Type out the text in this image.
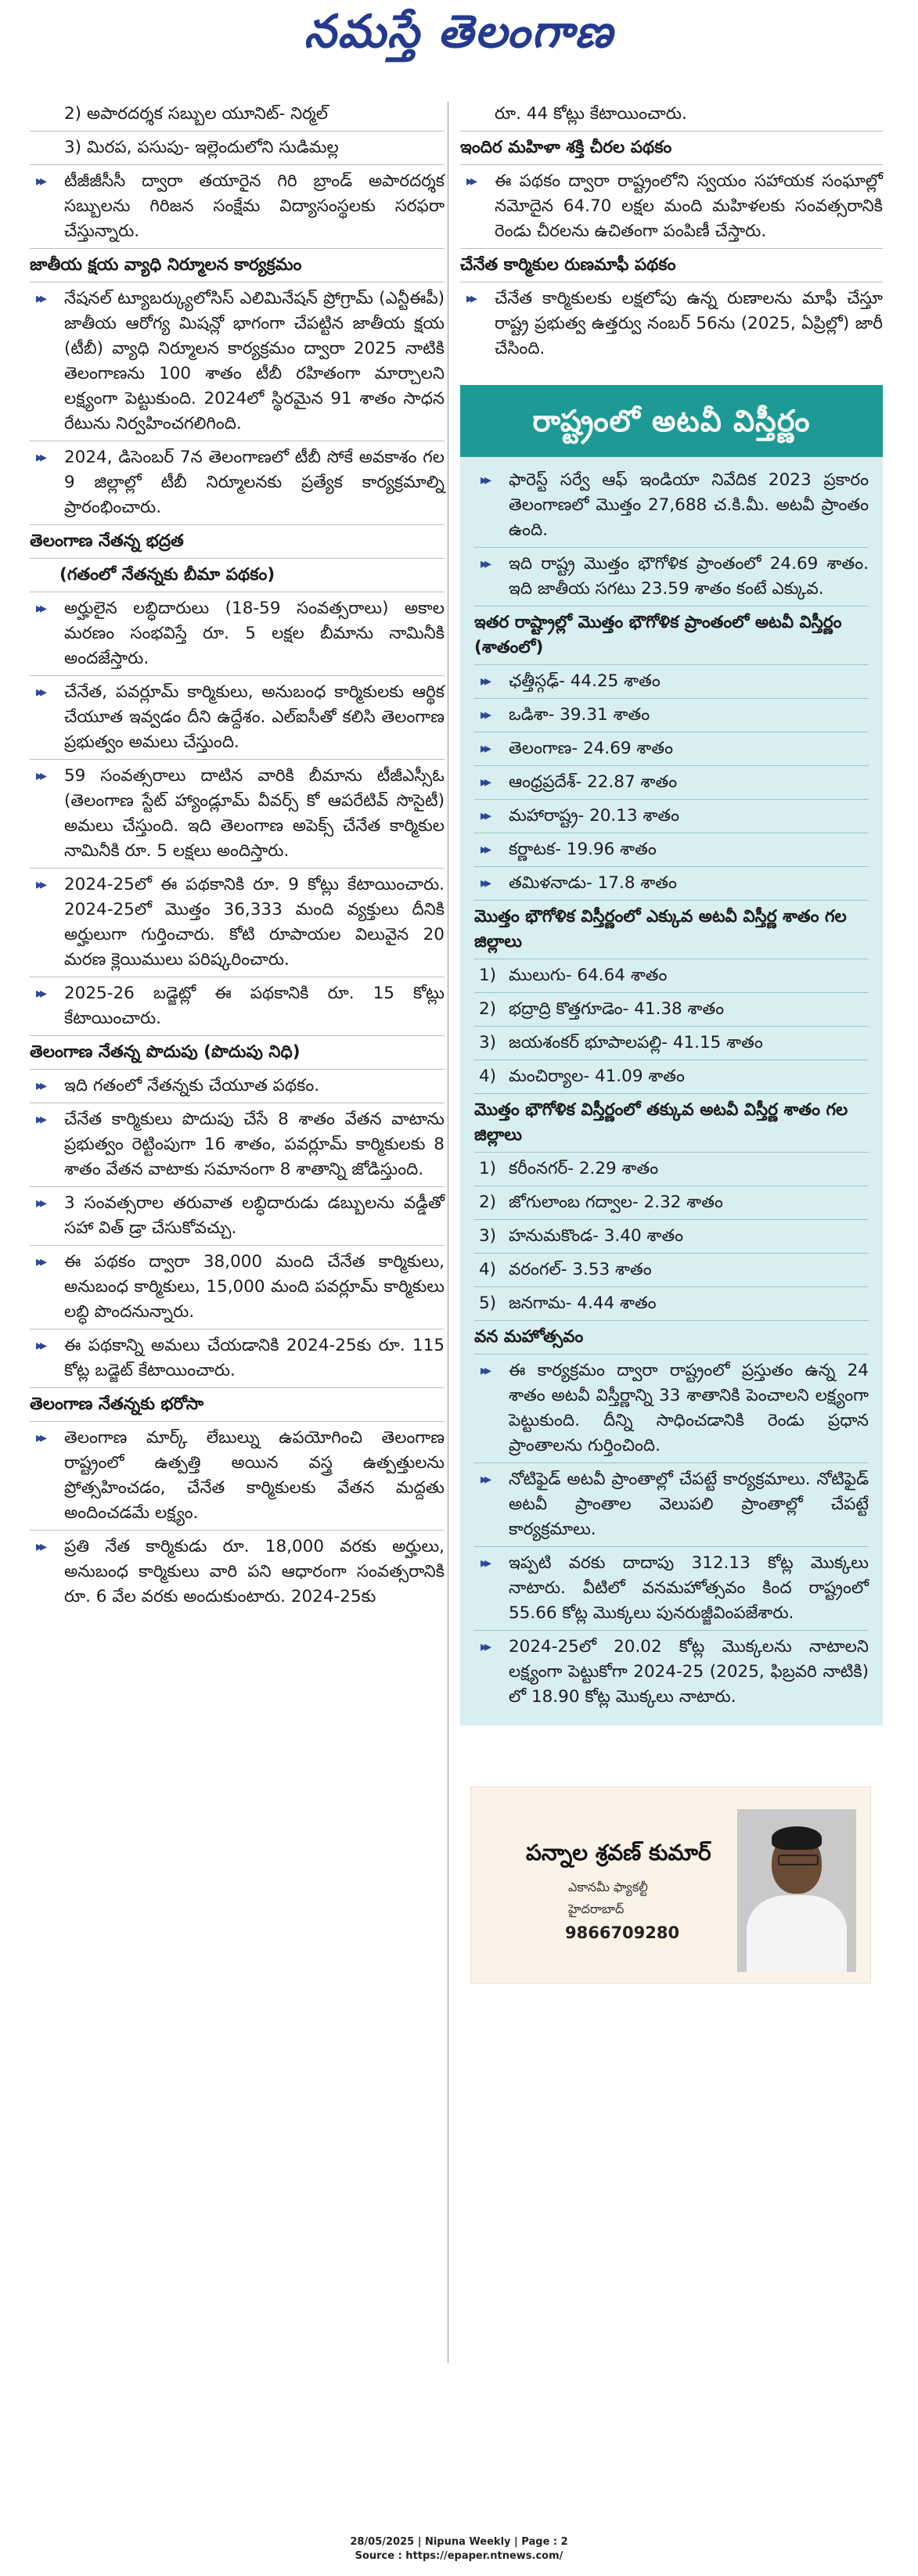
నమస్తే తెలంగాణ

2) అపారదర్శక సబ్బుల యూనిట్- నిర్మల్

3) మిరప, పసుపు- ఇల్లెందులోని సుడిమల్ల

▸▸ టీజీజీసీసీ ద్వారా తయారైన గిరి బ్రాండ్ అపారదర్శక సబ్బులను గిరిజన సంక్షేమ విద్యాసంస్థలకు సరఫరా చేస్తున్నారు.

జాతీయ క్షయ వ్యాధి నిర్మూలన కార్యక్రమం

▸▸ నేషనల్ ట్యూబర్క్యులోసిస్ ఎలిమినేషన్ ప్రోగ్రామ్ (ఎన్టీఈపీ) జాతీయ ఆరోగ్య మిషన్లో భాగంగా చేపట్టిన జాతీయ క్షయ (టీబీ) వ్యాధి నిర్మూలన కార్యక్రమం ద్వారా 2025 నాటికి తెలంగాణను 100 శాతం టీబీ రహితంగా మార్చాలని లక్ష్యంగా పెట్టుకుంది. 2024లో స్థిరమైన 91 శాతం సాధన రేటును నిర్వహించగలిగింది.

▸▸ 2024, డిసెంబర్ 7న తెలంగాణలో టీబీ సోకే అవకాశం గల 9 జిల్లాల్లో టీబీ నిర్మూలనకు ప్రత్యేక కార్యక్రమాల్ని ప్రారంభించారు.

తెలంగాణ నేతన్న భద్రత

(గతంలో నేతన్నకు బీమా పథకం)

▸▸ అర్హులైన లబ్ధిదారులు (18-59 సంవత్సరాలు) అకాల మరణం సంభవిస్తే రూ. 5 లక్షల బీమాను నామినీకి అందజేస్తారు.

▸▸ చేనేత, పవర్లూమ్ కార్మికులు, అనుబంధ కార్మికులకు ఆర్థిక చేయూత ఇవ్వడం దీని ఉద్దేశం. ఎల్ఐసీతో కలిసి తెలంగాణ ప్రభుత్వం అమలు చేస్తుంది.

▸▸ 59 సంవత్సరాలు దాటిన వారికి బీమాను టీజీఎస్సీఓ (తెలంగాణ స్టేట్ హ్యాండ్లూమ్ వీవర్స్ కో ఆపరేటివ్ సొసైటీ) అమలు చేస్తుంది. ఇది తెలంగాణ అపెక్స్ చేనేత కార్మికుల నామినీకి రూ. 5 లక్షలు అందిస్తారు.

▸▸ 2024-25లో ఈ పథకానికి రూ. 9 కోట్లు కేటాయించారు. 2024-25లో మొత్తం 36,333 మంది వ్యక్తులు దీనికి అర్హులుగా గుర్తించారు. కోటి రూపాయల విలువైన 20 మరణ క్లెయిములు పరిష్కరించారు.

▸▸ 2025-26 బడ్జెట్లో ఈ పథకానికి రూ. 15 కోట్లు కేటాయించారు.

తెలంగాణ నేతన్న పొదుపు (పొదుపు నిధి)

▸▸ ఇది గతంలో నేతన్నకు చేయూత పథకం.

▸▸ చేనేత కార్మికులు పొదుపు చేసే 8 శాతం వేతన వాటాను ప్రభుత్వం రెట్టింపుగా 16 శాతం, పవర్లూమ్ కార్మికులకు 8 శాతం వేతన వాటాకు సమానంగా 8 శాతాన్ని జోడిస్తుంది.

▸▸ 3 సంవత్సరాల తరువాత లబ్ధిదారుడు డబ్బులను వడ్డీతో సహా విత్ డ్రా చేసుకోవచ్చు.

▸▸ ఈ పథకం ద్వారా 38,000 మంది చేనేత కార్మికులు, అనుబంధ కార్మికులు, 15,000 మంది పవర్లూమ్ కార్మికులు లబ్ధి పొందనున్నారు.

▸▸ ఈ పథకాన్ని అమలు చేయడానికి 2024-25కు రూ. 115 కోట్ల బడ్జెట్ కేటాయించారు.

తెలంగాణ నేతన్నకు భరోసా

▸▸ తెలంగాణ మార్క్ లేబుల్ను ఉపయోగించి తెలంగాణ రాష్ట్రంలో ఉత్పత్తి అయిన వస్త్ర ఉత్పత్తులను ప్రోత్సహించడం, చేనేత కార్మికులకు వేతన మద్దతు అందించడమే లక్ష్యం.

▸▸ ప్రతి నేత కార్మికుడు రూ. 18,000 వరకు అర్హులు, అనుబంధ కార్మికులు వారి పని ఆధారంగా సంవత్సరానికి రూ. 6 వేల వరకు అందుకుంటారు. 2024-25కు

రూ. 44 కోట్లు కేటాయించారు.

ఇందిర మహిళా శక్తి చీరల పథకం

▸▸ ఈ పథకం ద్వారా రాష్ట్రంలోని స్వయం సహాయక సంఘాల్లో నమోదైన 64.70 లక్షల మంది మహిళలకు సంవత్సరానికి రెండు చీరలను ఉచితంగా పంపిణీ చేస్తారు.

చేనేత కార్మికుల రుణమాఫీ పథకం

▸▸ చేనేత కార్మికులకు లక్షలోపు ఉన్న రుణాలను మాఫీ చేస్తూ రాష్ట్ర ప్రభుత్వ ఉత్తర్వు నంబర్ 56ను (2025, ఏప్రిల్లో) జారీ చేసింది.

రాష్ట్రంలో అటవీ విస్తీర్ణం

▸▸ ఫారెస్ట్ సర్వే ఆఫ్ ఇండియా నివేదిక 2023 ప్రకారం తెలంగాణలో మొత్తం 27,688 చ.కి.మీ. అటవీ ప్రాంతం ఉంది.

▸▸ ఇది రాష్ట్ర మొత్తం భౌగోళిక ప్రాంతంలో 24.69 శాతం. ఇది జాతీయ సగటు 23.59 శాతం కంటే ఎక్కువ.

ఇతర రాష్ట్రాల్లో మొత్తం భౌగోళిక ప్రాంతంలో అటవీ విస్తీర్ణం (శాతంలో)

▸▸ ఛత్తీస్గఢ్- 44.25 శాతం

▸▸ ఒడిశా- 39.31 శాతం

▸▸ తెలంగాణ- 24.69 శాతం

▸▸ ఆంధ్రప్రదేశ్- 22.87 శాతం

▸▸ మహారాష్ట్ర- 20.13 శాతం

▸▸ కర్ణాటక- 19.96 శాతం

▸▸ తమిళనాడు- 17.8 శాతం

మొత్తం భౌగోళిక విస్తీర్ణంలో ఎక్కువ అటవీ విస్తీర్ణ శాతం గల జిల్లాలు

1) ములుగు- 64.64 శాతం

2) భద్రాద్రి కొత్తగూడెం- 41.38 శాతం

3) జయశంకర్ భూపాలపల్లి- 41.15 శాతం

4) మంచిర్యాల- 41.09 శాతం

మొత్తం భౌగోళిక విస్తీర్ణంలో తక్కువ అటవీ విస్తీర్ణ శాతం గల జిల్లాలు

1) కరీంనగర్- 2.29 శాతం

2) జోగులాంబ గద్వాల- 2.32 శాతం

3) హనుమకొండ- 3.40 శాతం

4) వరంగల్- 3.53 శాతం

5) జనగామ- 4.44 శాతం

వన మహోత్సవం

▸▸ ఈ కార్యక్రమం ద్వారా రాష్ట్రంలో ప్రస్తుతం ఉన్న 24 శాతం అటవీ విస్తీర్ణాన్ని 33 శాతానికి పెంచాలని లక్ష్యంగా పెట్టుకుంది. దీన్ని సాధించడానికి రెండు ప్రధాన ప్రాంతాలను గుర్తించింది.

▸▸ నోటిఫైడ్ అటవీ ప్రాంతాల్లో చేపట్టే కార్యక్రమాలు. నోటిఫైడ్ అటవీ ప్రాంతాల వెలుపలి ప్రాంతాల్లో చేపట్టే కార్యక్రమాలు.

▸▸ ఇప్పటి వరకు దాదాపు 312.13 కోట్ల మొక్కలు నాటారు. వీటిలో వనమహోత్సవం కింద రాష్ట్రంలో 55.66 కోట్ల మొక్కలు పునరుజ్జీవింపజేశారు.

▸▸ 2024-25లో 20.02 కోట్ల మొక్కలను నాటాలని లక్ష్యంగా పెట్టుకోగా 2024-25 (2025, ఫిబ్రవరి నాటికి) లో 18.90 కోట్ల మొక్కలు నాటారు.

పన్నాల శ్రవణ్ కుమార్
ఎకానమీ ఫ్యాకల్టీ
హైదరాబాద్
9866709280
28/05/2025 | Nipuna Weekly | Page : 2
Source : https://epaper.ntnews.com/
